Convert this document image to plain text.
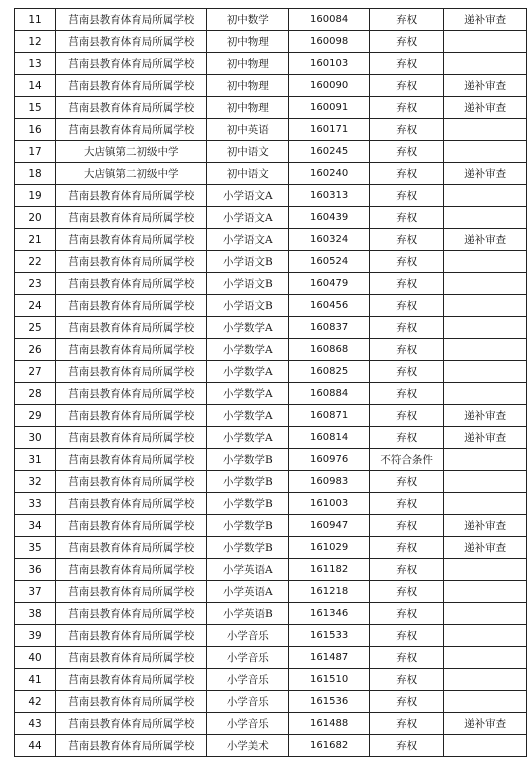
11	莒南县教育体育局所属学校	初中数学	160084	弃权	递补审查
12	莒南县教育体育局所属学校	初中物理	160098	弃权	
13	莒南县教育体育局所属学校	初中物理	160103	弃权	
14	莒南县教育体育局所属学校	初中物理	160090	弃权	递补审查
15	莒南县教育体育局所属学校	初中物理	160091	弃权	递补审查
16	莒南县教育体育局所属学校	初中英语	160171	弃权	
17	大店镇第二初级中学	初中语文	160245	弃权	
18	大店镇第二初级中学	初中语文	160240	弃权	递补审查
19	莒南县教育体育局所属学校	小学语文A	160313	弃权	
20	莒南县教育体育局所属学校	小学语文A	160439	弃权	
21	莒南县教育体育局所属学校	小学语文A	160324	弃权	递补审查
22	莒南县教育体育局所属学校	小学语文B	160524	弃权	
23	莒南县教育体育局所属学校	小学语文B	160479	弃权	
24	莒南县教育体育局所属学校	小学语文B	160456	弃权	
25	莒南县教育体育局所属学校	小学数学A	160837	弃权	
26	莒南县教育体育局所属学校	小学数学A	160868	弃权	
27	莒南县教育体育局所属学校	小学数学A	160825	弃权	
28	莒南县教育体育局所属学校	小学数学A	160884	弃权	
29	莒南县教育体育局所属学校	小学数学A	160871	弃权	递补审查
30	莒南县教育体育局所属学校	小学数学A	160814	弃权	递补审查
31	莒南县教育体育局所属学校	小学数学B	160976	不符合条件	
32	莒南县教育体育局所属学校	小学数学B	160983	弃权	
33	莒南县教育体育局所属学校	小学数学B	161003	弃权	
34	莒南县教育体育局所属学校	小学数学B	160947	弃权	递补审查
35	莒南县教育体育局所属学校	小学数学B	161029	弃权	递补审查
36	莒南县教育体育局所属学校	小学英语A	161182	弃权	
37	莒南县教育体育局所属学校	小学英语A	161218	弃权	
38	莒南县教育体育局所属学校	小学英语B	161346	弃权	
39	莒南县教育体育局所属学校	小学音乐	161533	弃权	
40	莒南县教育体育局所属学校	小学音乐	161487	弃权	
41	莒南县教育体育局所属学校	小学音乐	161510	弃权	
42	莒南县教育体育局所属学校	小学音乐	161536	弃权	
43	莒南县教育体育局所属学校	小学音乐	161488	弃权	递补审查
44	莒南县教育体育局所属学校	小学美术	161682	弃权	
